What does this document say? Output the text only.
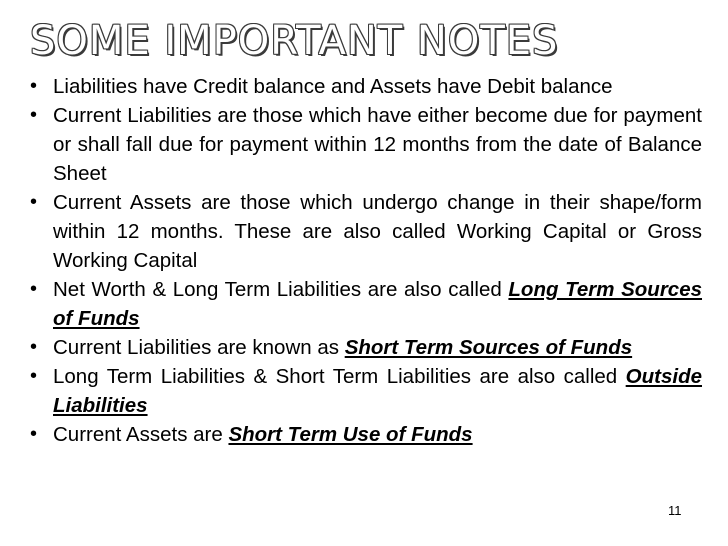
SOME IMPORTANT NOTES
• Liabilities have Credit balance and Assets have Debit balance
• Current Liabilities are those which have either become due for payment or shall fall due for payment within 12 months from the date of Balance Sheet
• Current Assets are those which undergo change in their shape/form within 12 months. These are also called Working Capital or Gross Working Capital
• Net Worth & Long Term Liabilities are also called Long Term Sources of Funds
• Current Liabilities are known as Short Term Sources of Funds
• Long Term Liabilities & Short Term Liabilities are also called Outside Liabilities
• Current Assets are Short Term Use of Funds
11
